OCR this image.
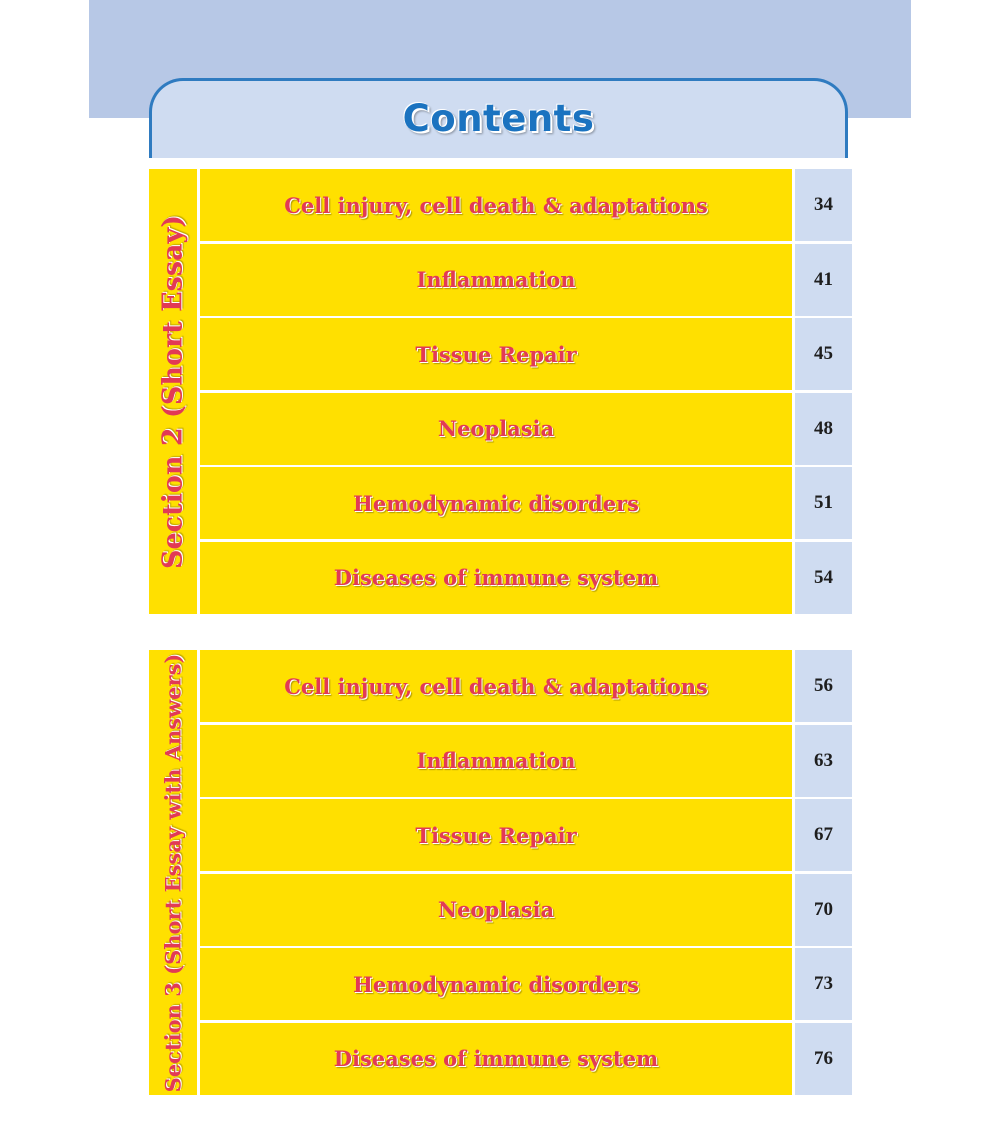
Contents
Section 2 (Short Essay)
Cell injury, cell death & adaptations	34
Inflammation	41
Tissue Repair	45
Neoplasia	48
Hemodynamic disorders	51
Diseases of immune system	54
Section 3 (Short Essay with Answers)	Cell injury, cell death & adaptations	56
Inflammation	63
Tissue Repair	67
Neoplasia	70
Hemodynamic disorders	73
Diseases of immune system	76
